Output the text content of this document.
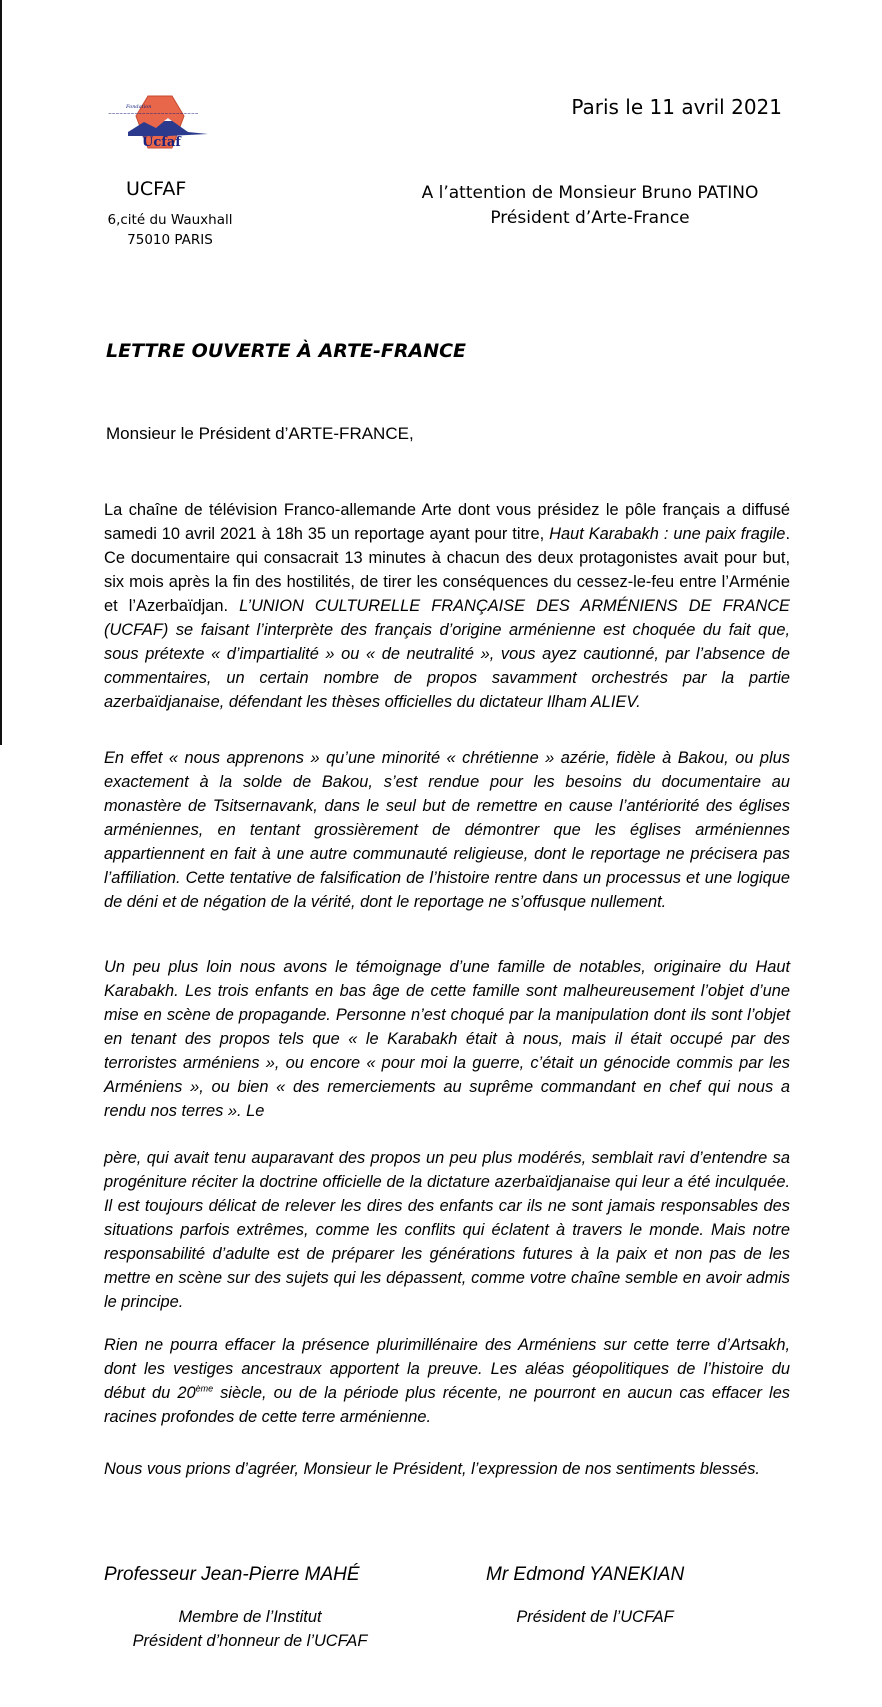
Fondation
~~~~~~~~~~~~~~~~~~~~~~~~
Ucfaf
UCFAF
6,cité du Wauxhall
75010 PARIS
Paris le 11 avril 2021
A l’attention de Monsieur Bruno PATINO
Président d’Arte-France
LETTRE OUVERTE À ARTE-FRANCE
Monsieur le Président d’ARTE-FRANCE,
La chaîne de télévision Franco-allemande Arte dont vous présidez le pôle français a diffusé samedi 10 avril 2021 à 18h 35 un reportage ayant pour titre, Haut Karabakh : une paix fragile. Ce documentaire qui consacrait 13 minutes à chacun des deux protagonistes avait pour but, six mois après la fin des hostilités, de tirer les conséquences du cessez-le-feu entre l’Arménie et l’Azerbaïdjan. L’UNION CULTURELLE FRANÇAISE DES ARMÉNIENS DE FRANCE (UCFAF) se faisant l’interprète des français d’origine arménienne est choquée du fait que, sous prétexte « d’impartialité » ou « de neutralité », vous ayez cautionné, par l’absence de commentaires, un certain nombre de propos savamment orchestrés par la partie azerbaïdjanaise, défendant les thèses officielles du dictateur Ilham ALIEV.
En effet « nous apprenons » qu’une minorité « chrétienne » azérie, fidèle à Bakou, ou plus exactement à la solde de Bakou, s’est rendue pour les besoins du documentaire au monastère de Tsitsernavank, dans le seul but de remettre en cause l’antériorité des églises arméniennes, en tentant grossièrement de démontrer que les églises arméniennes appartiennent en fait à une autre communauté religieuse, dont le reportage ne précisera pas l’affiliation. Cette tentative de falsification de l’histoire rentre dans un processus et une logique de déni et de négation de la vérité, dont le reportage ne s’offusque nullement.
Un peu plus loin nous avons le témoignage d’une famille de notables, originaire du Haut Karabakh. Les trois enfants en bas âge de cette famille sont malheureusement l’objet d’une mise en scène de propagande. Personne n’est choqué par la manipulation dont ils sont l’objet en tenant des propos tels que « le Karabakh était à nous, mais il était occupé par des terroristes arméniens », ou encore « pour moi la guerre, c’était un génocide commis par les Arméniens », ou bien « des remerciements au suprême commandant en chef qui nous a rendu nos terres ». Le
père, qui avait tenu auparavant des propos un peu plus modérés, semblait ravi d’entendre sa progéniture réciter la doctrine officielle de la dictature azerbaïdjanaise qui leur a été inculquée. Il est toujours délicat de relever les dires des enfants car ils ne sont jamais responsables des situations parfois extrêmes, comme les conflits qui éclatent à travers le monde. Mais notre responsabilité d’adulte est de préparer les générations futures à la paix et non pas de les mettre en scène sur des sujets qui les dépassent, comme votre chaîne semble en avoir admis le principe.
Rien ne pourra effacer la présence plurimillénaire des Arméniens sur cette terre d’Artsakh, dont les vestiges ancestraux apportent la preuve. Les aléas géopolitiques de l’histoire du début du 20ème siècle, ou de la période plus récente, ne pourront en aucun cas effacer les racines profondes de cette terre arménienne.
Nous vous prions d’agréer, Monsieur le Président, l’expression de nos sentiments blessés.
Professeur Jean-Pierre MAHÉ	Mr Edmond YANEKIAN
Membre de l’Institut
Président d’honneur de l’UCFAF
Président de l’UCFAF
